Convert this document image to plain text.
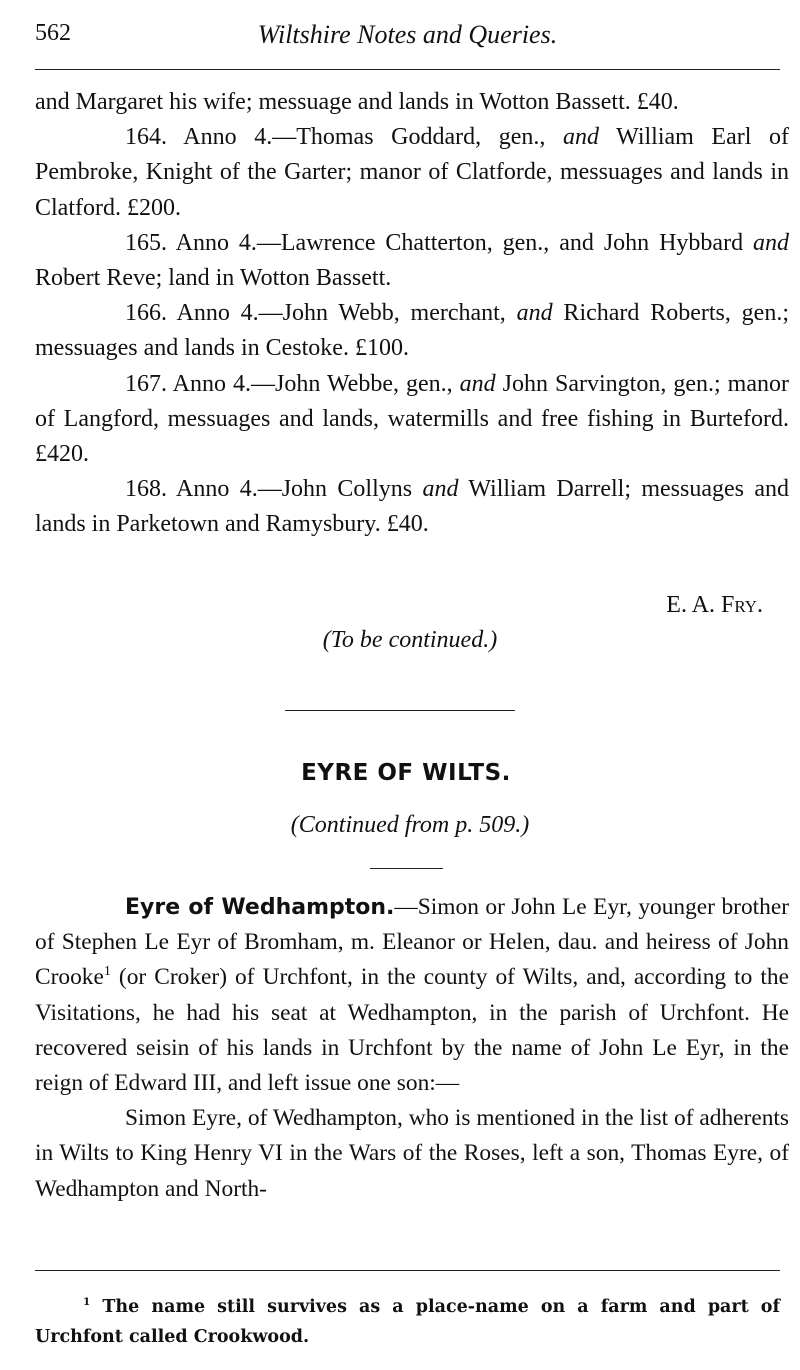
562	Wiltshire Notes and Queries.

and Margaret his wife; messuage and lands in Wotton Bassett. £40.

164. Anno 4.—Thomas Goddard, gen., and William Earl of Pembroke, Knight of the Garter; manor of Clatforde, messuages and lands in Clatford. £200.

165. Anno 4.—Lawrence Chatterton, gen., and John Hybbard and Robert Reve; land in Wotton Bassett.

166. Anno 4.—John Webb, merchant, and Richard Roberts, gen.; messuages and lands in Cestoke. £100.

167. Anno 4.—John Webbe, gen., and John Sarvington, gen.; manor of Langford, messuages and lands, watermills and free fishing in Burteford. £420.

168. Anno 4.—John Collyns and William Darrell; messuages and lands in Parketown and Ramysbury. £40.

E. A. Fry.
(To be continued.)
EYRE OF WILTS.
(Continued from p. 509.)

Eyre of Wedhampton.—Simon or John Le Eyr, younger brother of Stephen Le Eyr of Bromham, m. Eleanor or Helen, dau. and heiress of John Crooke$^1$ (or Croker) of Urchfont, in the county of Wilts, and, according to the Visitations, he had his seat at Wedhampton, in the parish of Urchfont. He recovered seisin of his lands in Urchfont by the name of John Le Eyr, in the reign of Edward III, and left issue one son:—

Simon Eyre, of Wedhampton, who is mentioned in the list of adherents in Wilts to King Henry VI in the Wars of the Roses, left a son, Thomas Eyre, of Wedhampton and North-

$^1$ The name still survives as a place-name on a farm and part of Urchfont called Crookwood.
